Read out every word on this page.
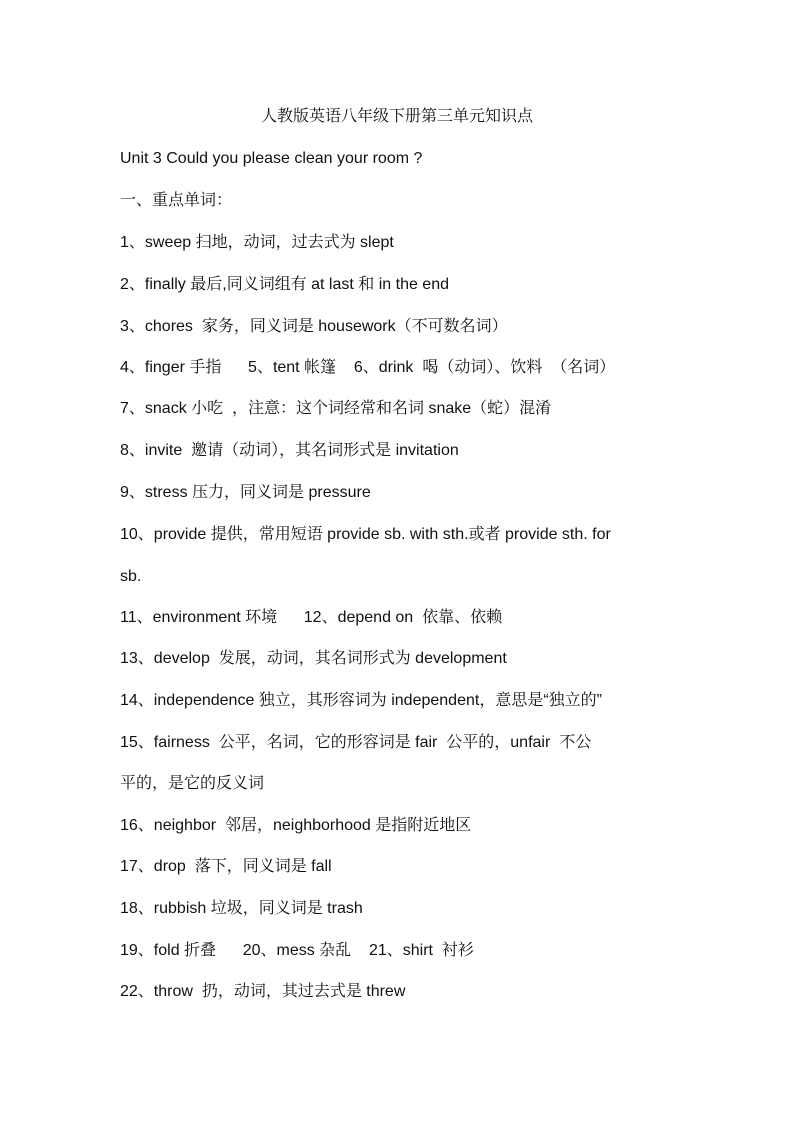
人教版英语八年级下册第三单元知识点
Unit 3 Could you please clean your room ?
一、重点单词：
1、sweep 扫地，动词，过去式为 slept
2、finally 最后,同义词组有 at last 和 in the end
3、chores  家务，同义词是 housework（不可数名词）
4、finger 手指      5、tent 帐篷    6、drink  喝（动词）、饮料  （名词）
7、snack 小吃  ，注意：这个词经常和名词 snake（蛇）混淆
8、invite  邀请（动词），其名词形式是 invitation
9、stress 压力，同义词是 pressure
10、provide 提供，常用短语 provide sb. with sth.或者 provide sth. for
sb.
11、environment 环境      12、depend on  依靠、依赖
13、develop  发展，动词，其名词形式为 development
14、independence 独立，其形容词为 independent，意思是“独立的”
15、fairness  公平，名词，它的形容词是 fair  公平的，unfair  不公
平的，是它的反义词
16、neighbor  邻居，neighborhood 是指附近地区
17、drop  落下，同义词是 fall
18、rubbish 垃圾，同义词是 trash
19、fold 折叠      20、mess 杂乱    21、shirt  衬衫
22、throw  扔，动词，其过去式是 threw
